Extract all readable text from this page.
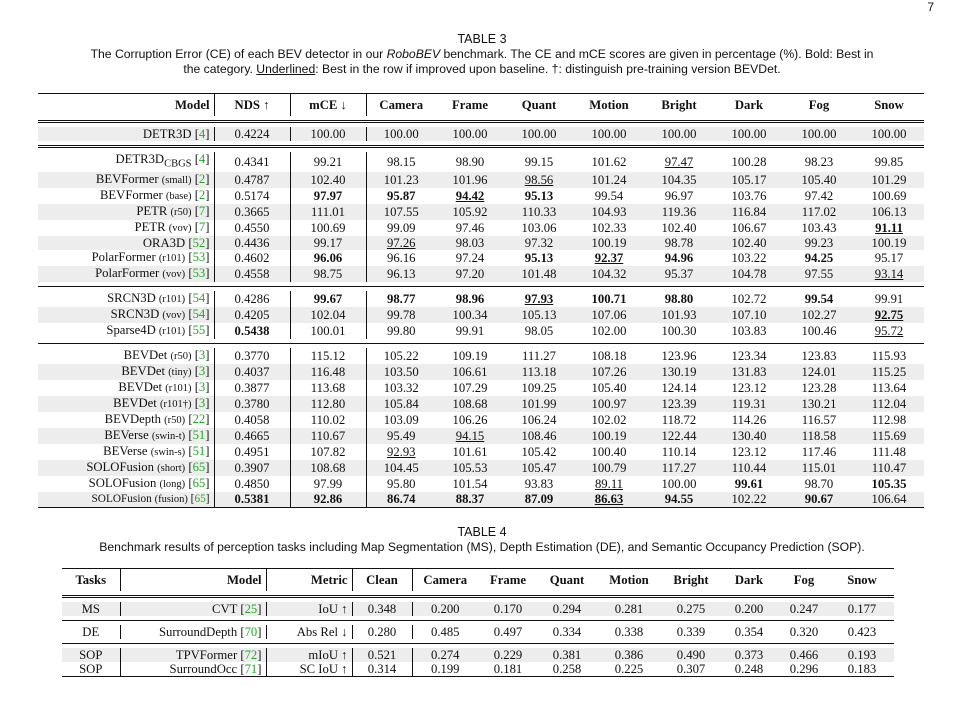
7
TABLE 3
The Corruption Error (CE) of each BEV detector in our RoboBEV benchmark. The CE and mCE scores are given in percentage (%). Bold: Best in
the category. Underlined: Best in the row if improved upon baseline. †: distinguish pre-training version BEVDet.
Model	NDS ↑	mCE ↓	Camera	Frame	Quant	Motion	Bright	Dark	Fog	Snow

DETR3D [4]	0.4224	100.00	100.00	100.00	100.00	100.00	100.00	100.00	100.00	100.00

$DETR3D_{CBGS}$ [4]	0.4341	99.21	98.15	98.90	99.15	101.62	97.47	100.28	98.23	99.85
BEVFormer (small) [2]	0.4787	102.40	101.23	101.96	98.56	101.24	104.35	105.17	105.40	101.29
BEVFormer (base) [2]	0.5174	97.97	95.87	94.42	95.13	99.54	96.97	103.76	97.42	100.69
PETR (r50) [7]	0.3665	111.01	107.55	105.92	110.33	104.93	119.36	116.84	117.02	106.13
PETR (vov) [7]	0.4550	100.69	99.09	97.46	103.06	102.33	102.40	106.67	103.43	91.11
ORA3D [52]	0.4436	99.17	97.26	98.03	97.32	100.19	98.78	102.40	99.23	100.19
PolarFormer (r101) [53]	0.4602	96.06	96.16	97.24	95.13	92.37	94.96	103.22	94.25	95.17
PolarFormer (vov) [53]	0.4558	98.75	96.13	97.20	101.48	104.32	95.37	104.78	97.55	93.14

SRCN3D (r101) [54]	0.4286	99.67	98.77	98.96	97.93	100.71	98.80	102.72	99.54	99.91
SRCN3D (vov) [54]	0.4205	102.04	99.78	100.34	105.13	107.06	101.93	107.10	102.27	92.75
Sparse4D (r101) [55]	0.5438	100.01	99.80	99.91	98.05	102.00	100.30	103.83	100.46	95.72

BEVDet (r50) [3]	0.3770	115.12	105.22	109.19	111.27	108.18	123.96	123.34	123.83	115.93
BEVDet (tiny) [3]	0.4037	116.48	103.50	106.61	113.18	107.26	130.19	131.83	124.01	115.25
BEVDet (r101) [3]	0.3877	113.68	103.32	107.29	109.25	105.40	124.14	123.12	123.28	113.64
BEVDet (r101†) [3]	0.3780	112.80	105.84	108.68	101.99	100.97	123.39	119.31	130.21	112.04
BEVDepth (r50) [22]	0.4058	110.02	103.09	106.26	106.24	102.02	118.72	114.26	116.57	112.98
BEVerse (swin-t) [51]	0.4665	110.67	95.49	94.15	108.46	100.19	122.44	130.40	118.58	115.69
BEVerse (swin-s) [51]	0.4951	107.82	92.93	101.61	105.42	100.40	110.14	123.12	117.46	111.48
SOLOFusion (short) [65]	0.3907	108.68	104.45	105.53	105.47	100.79	117.27	110.44	115.01	110.47
SOLOFusion (long) [65]	0.4850	97.99	95.80	101.54	93.83	89.11	100.00	99.61	98.70	105.35
SOLOFusion (fusion) [65]	0.5381	92.86	86.74	88.37	87.09	86.63	94.55	102.22	90.67	106.64
TABLE 4
Benchmark results of perception tasks including Map Segmentation (MS), Depth Estimation (DE), and Semantic Occupancy Prediction (SOP).
Tasks	Model	Metric	Clean	Camera	Frame	Quant	Motion	Bright	Dark	Fog	Snow

MS	CVT [25]	IoU ↑	0.348	0.200	0.170	0.294	0.281	0.275	0.200	0.247	0.177

DE	SurroundDepth [70]	Abs Rel ↓	0.280	0.485	0.497	0.334	0.338	0.339	0.354	0.320	0.423

SOP	TPVFormer [72]	mIoU ↑	0.521	0.274	0.229	0.381	0.386	0.490	0.373	0.466	0.193
SOP	SurroundOcc [71]	SC IoU ↑	0.314	0.199	0.181	0.258	0.225	0.307	0.248	0.296	0.183
